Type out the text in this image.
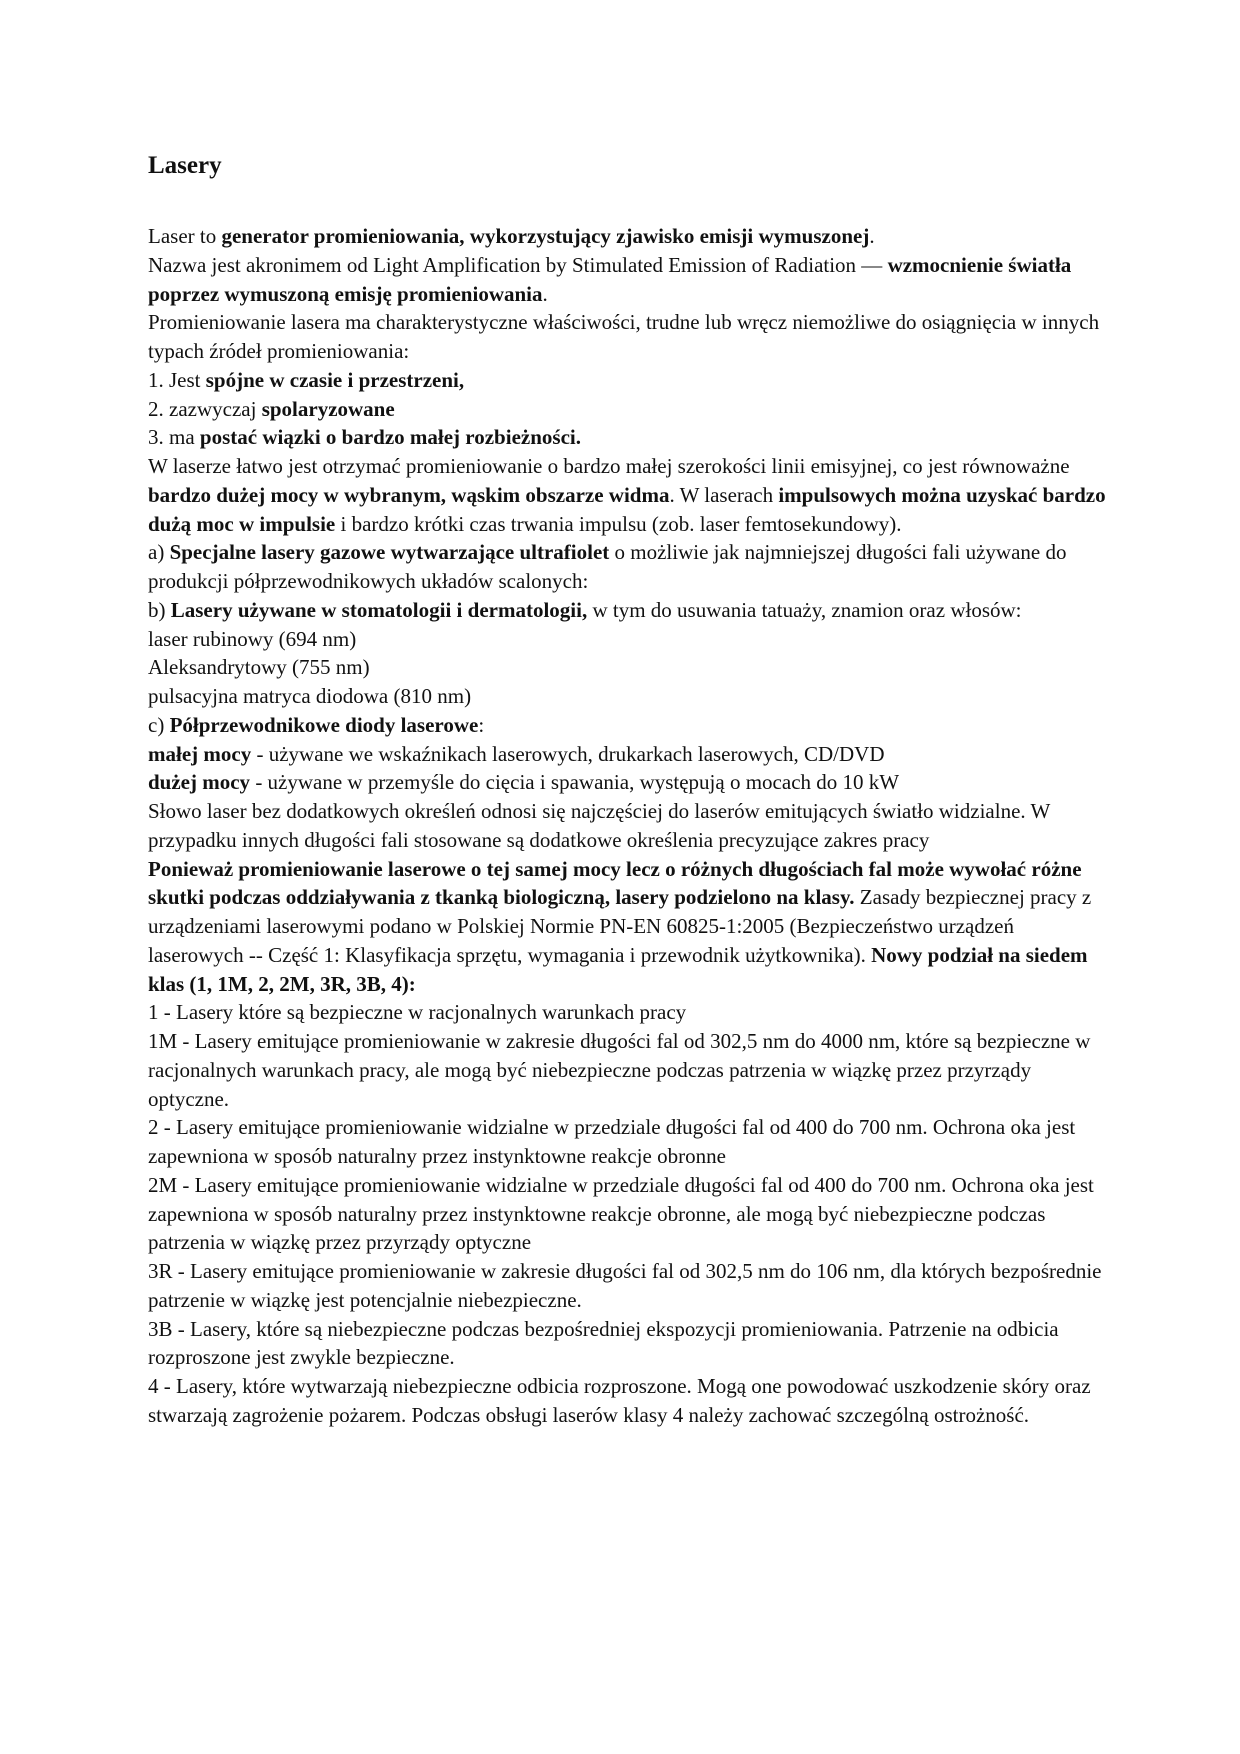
Lasery

Laser to generator promieniowania, wykorzystujący zjawisko emisji wymuszonej.

Nazwa jest akronimem od Light Amplification by Stimulated Emission of Radiation — wzmocnienie światła poprzez wymuszoną emisję promieniowania.

Promieniowanie lasera ma charakterystyczne właściwości, trudne lub wręcz niemożliwe do osiągnięcia w innych typach źródeł promieniowania:

1. Jest spójne w czasie i przestrzeni,

2. zazwyczaj spolaryzowane

3. ma postać wiązki o bardzo małej rozbieżności.

W laserze łatwo jest otrzymać promieniowanie o bardzo małej szerokości linii emisyjnej, co jest równoważne bardzo dużej mocy w wybranym, wąskim obszarze widma. W laserach impulsowych można uzyskać bardzo dużą moc w impulsie i bardzo krótki czas trwania impulsu (zob. laser femtosekundowy).

a) Specjalne lasery gazowe wytwarzające ultrafiolet o możliwie jak najmniejszej długości fali używane do produkcji półprzewodnikowych układów scalonych:

b) Lasery używane w stomatologii i dermatologii, w tym do usuwania tatuaży, znamion oraz włosów:

laser rubinowy (694 nm)

Aleksandrytowy (755 nm)

pulsacyjna matryca diodowa (810 nm)

c) Półprzewodnikowe diody laserowe:

małej mocy - używane we wskaźnikach laserowych, drukarkach laserowych, CD/DVD

dużej mocy - używane w przemyśle do cięcia i spawania, występują o mocach do 10 kW

Słowo laser bez dodatkowych określeń odnosi się najczęściej do laserów emitujących światło widzialne. W przypadku innych długości fali stosowane są dodatkowe określenia precyzujące zakres pracy

Ponieważ promieniowanie laserowe o tej samej mocy lecz o różnych długościach fal może wywołać różne skutki podczas oddziaływania z tkanką biologiczną, lasery podzielono na klasy. Zasady bezpiecznej pracy z urządzeniami laserowymi podano w Polskiej Normie PN-EN 60825-1:2005 (Bezpieczeństwo urządzeń laserowych -- Część 1: Klasyfikacja sprzętu, wymagania i przewodnik użytkownika). Nowy podział na siedem klas (1, 1M, 2, 2M, 3R, 3B, 4):

1 - Lasery które są bezpieczne w racjonalnych warunkach pracy

1M - Lasery emitujące promieniowanie w zakresie długości fal od 302,5 nm do 4000 nm, które są bezpieczne w racjonalnych warunkach pracy, ale mogą być niebezpieczne podczas patrzenia w wiązkę przez przyrządy optyczne.

2 - Lasery emitujące promieniowanie widzialne w przedziale długości fal od 400 do 700 nm. Ochrona oka jest zapewniona w sposób naturalny przez instynktowne reakcje obronne

2M - Lasery emitujące promieniowanie widzialne w przedziale długości fal od 400 do 700 nm. Ochrona oka jest zapewniona w sposób naturalny przez instynktowne reakcje obronne, ale mogą być niebezpieczne podczas patrzenia w wiązkę przez przyrządy optyczne

3R - Lasery emitujące promieniowanie w zakresie długości fal od 302,5 nm do 106 nm, dla których bezpośrednie patrzenie w wiązkę jest potencjalnie niebezpieczne.

3B - Lasery, które są niebezpieczne podczas bezpośredniej ekspozycji promieniowania. Patrzenie na odbicia rozproszone jest zwykle bezpieczne.

4 - Lasery, które wytwarzają niebezpieczne odbicia rozproszone. Mogą one powodować uszkodzenie skóry oraz stwarzają zagrożenie pożarem. Podczas obsługi laserów klasy 4 należy zachować szczególną ostrożność.
